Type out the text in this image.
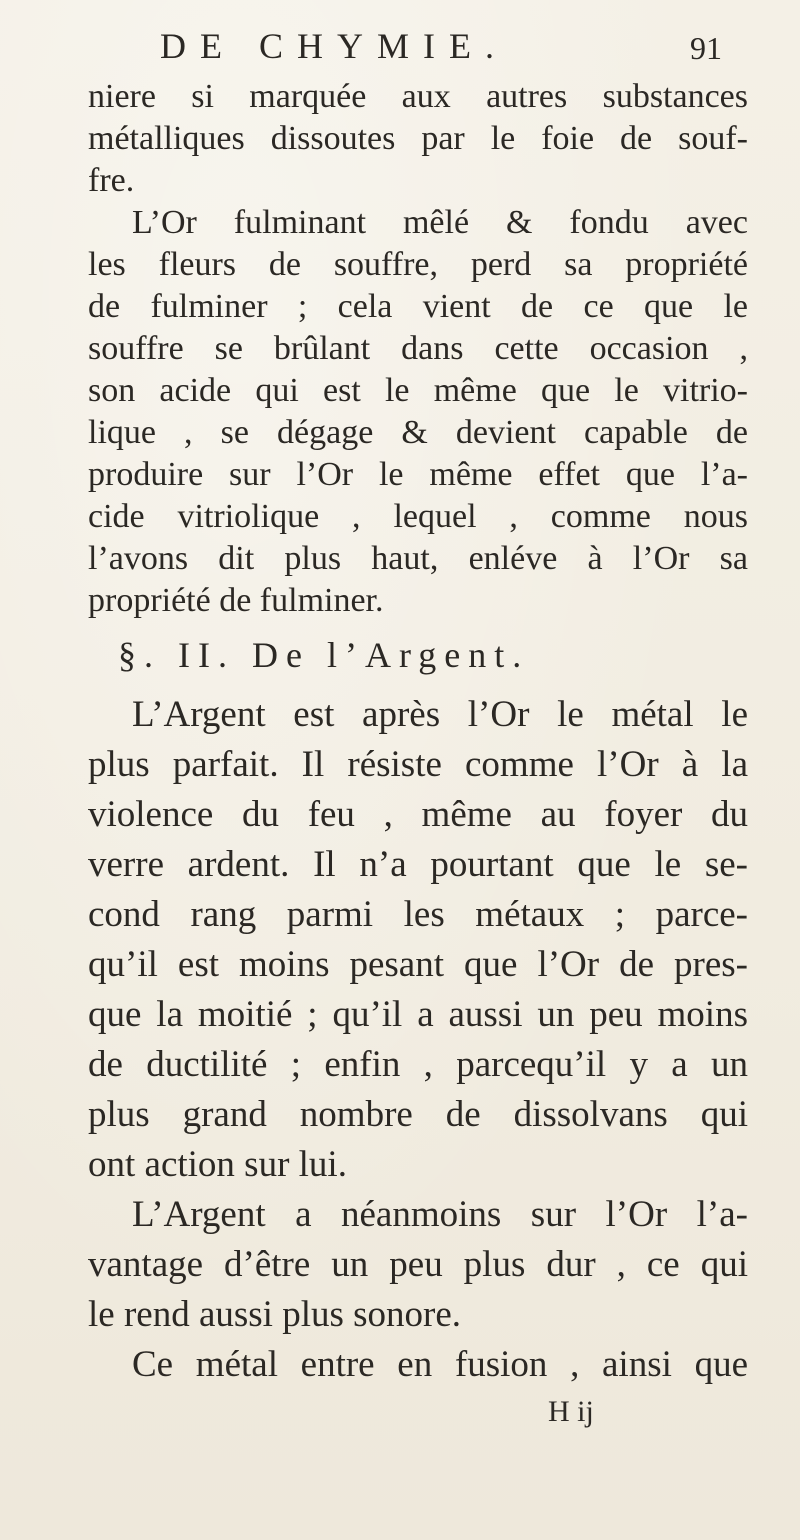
DE CHYMIE.	91
niere si marquée aux autres substances
métalliques dissoutes par le foie de souf-
fre.
L’Or fulminant mêlé & fondu avec
les fleurs de souffre, perd sa propriété
de fulminer ; cela vient de ce que le
souffre se brûlant dans cette occasion ,
son acide qui est le même que le vitrio-
lique , se dégage & devient capable de
produire sur l’Or le même effet que l’a-
cide vitriolique , lequel , comme nous
§. II. De l’Argent.
L’Argent est après l’Or le métal le
plus parfait. Il résiste comme l’Or à la
violence du feu , même au foyer du
verre ardent. Il n’a pourtant que le se-
cond rang parmi les métaux ; parce-
qu’il est moins pesant que l’Or de pres-
que la moitié ; qu’il a aussi un peu moins
de ductilité ; enfin , parcequ’il y a un
plus grand nombre de dissolvans qui
ont action sur lui.
L’Argent a néanmoins sur l’Or l’a-
vantage d’être un peu plus dur , ce qui
le rend aussi plus sonore.
Ce métal entre en fusion , ainsi que
H ij
l’avons dit plus haut, enléve à l’Or sa
propriété de fulminer.
